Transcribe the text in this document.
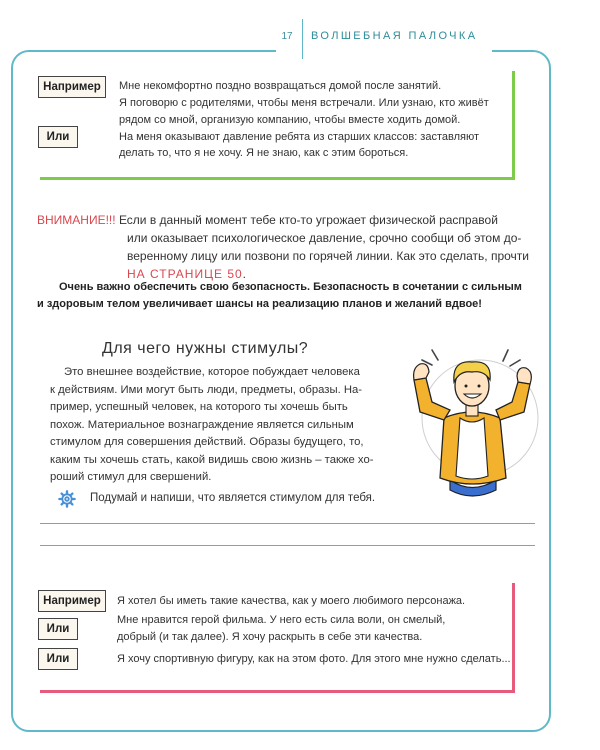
17	ВОЛШЕБНАЯ ПАЛОЧКА
Например	Мне некомфортно поздно возвращаться домой после занятий.
Я поговорю с родителями, чтобы меня встречали. Или узнаю, кто живёт
рядом со мной, организую компанию, чтобы вместе ходить домой.
Или	На меня оказывают давление ребята из старших классов: заставляют
делать то, что я не хочу. Я не знаю, как с этим бороться.
ВНИМАНИЕ!!! Если в данный момент тебе кто-то угрожает физической расправой
или оказывает психологическое давление, срочно сообщи об этом до-
веренному лицу или позвони по горячей линии. Как это сделать, прочти
НА СТРАНИЦЕ 50.
Очень важно обеспечить свою безопасность. Безопасность в сочетании с сильным
и здоровым телом увеличивает шансы на реализацию планов и желаний вдвое!
Для чего нужны стимулы?
Это внешнее воздействие, которое побуждает человека
к действиям. Ими могут быть люди, предметы, образы. На-
пример, успешный человек, на которого ты хочешь быть
похож. Материальное вознаграждение является сильным
стимулом для совершения действий. Образы будущего, то,
каким ты хочешь стать, какой видишь свою жизнь – также хо-
роший стимул для свершений.
Подумай и напиши, что является стимулом для тебя.
Например	Я хотел бы иметь такие качества, как у моего любимого персонажа.
Или
Мне нравится герой фильма. У него есть сила воли, он смелый,
добрый (и так далее). Я хочу раскрыть в себе эти качества.
Или	Я хочу спортивную фигуру, как на этом фото. Для этого мне нужно сделать...
